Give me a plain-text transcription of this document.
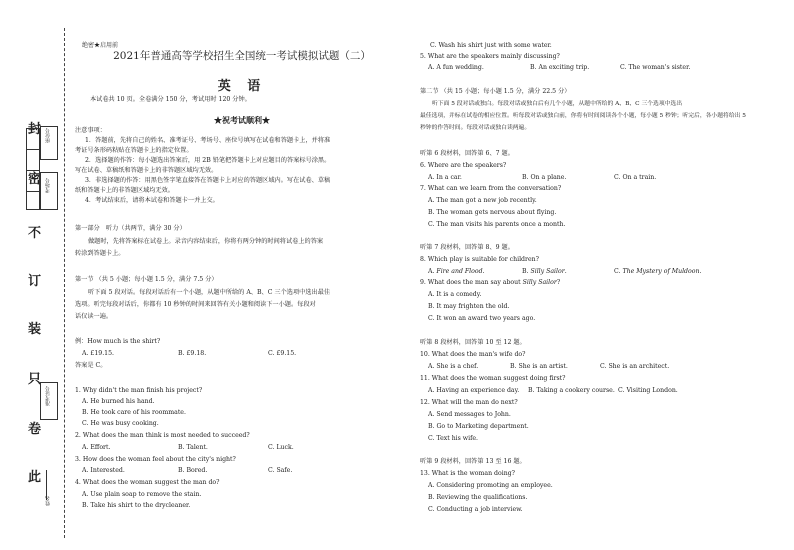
封
密
不
订
装
只
卷
此
座位号
考场号
准考证号
姓名
绝密★启用前
2021年普通高等学校招生全国统一考试模拟试题（二）
英 语
本试卷共 10 页。全卷满分 150 分，考试用时 120 分钟。
★祝考试顺利★
注意事项：
1．答题前，先将自己的姓名、准考证号、考场号、座位号填写在试卷和答题卡上，并将准
考证号条形码粘贴在答题卡上的指定位置。
2．选择题的作答：每小题选出答案后，用 2B 铅笔把答题卡上对应题目的答案标号涂黑。
写在试卷、草稿纸和答题卡上的非答题区域均无效。
3．非选择题的作答：用黑色签字笔直接答在答题卡上对应的答题区域内。写在试卷、草稿
纸和答题卡上的非答题区域均无效。
4．考试结束后，请将本试卷和答题卡一并上交。
第一部分　听力（共两节，满分 30 分）
做题时，先将答案标在试卷上。录音内容结束后，你将有两分钟的时间将试卷上的答案
转涂到答题卡上。
第一节 （共 5 小题；每小题 1.5 分，满分 7.5 分）
听下面 5 段对话。每段对话后有一个小题，从题中所给的 A、B、C 三个选项中选出最佳
选项。听完每段对话后，你都有 10 秒钟的时间来回答有关小题和阅读下一小题。每段对
话仅读一遍。
例：How much is the shirt?
A. £19.15.	B. £9.18.	C. £9.15.
答案是 C。
1. Why didn't the man finish his project?
A. He burned his hand.
B. He took care of his roommate.
C. He was busy cooking.
2. What does the man think is most needed to succeed?
A. Effort.	B. Talent.	C. Luck.
3. How does the woman feel about the city's night?
A. Interested.	B. Bored.	C. Safe.
4. What does the woman suggest the man do?
A. Use plain soap to remove the stain.
B. Take his shirt to the drycleaner.
C. Wash his shirt just with some water.
5. What are the speakers mainly discussing?
A. A fun wedding.	B. An exciting trip.	C. The woman's sister.
第二节 （共 15 小题；每小题 1.5 分，满分 22.5 分）
听下面 5 段对话或独白。每段对话或独白后有几个小题，从题中所给的 A、B、C 三个选项中选出
最佳选项，并标在试卷的相应位置。听每段对话或独白前，你将有时间阅读各个小题，每小题 5 秒钟；听完后，各小题将给出 5
秒钟的作答时间。每段对话或独白读两遍。
听第 6 段材料，回答第 6、7 题。
6. Where are the speakers?
A. In a car.	B. On a plane.	C. On a train.
7. What can we learn from the conversation?
A. The man got a new job recently.
B. The woman gets nervous about flying.
C. The man visits his parents once a month.
听第 7 段材料，回答第 8、9 题。
8. Which play is suitable for children?
A. Fire and Flood.	B. Silly Sailor.	C. The Mystery of Muldoon.
9. What does the man say about Silly Sailor?
A. It is a comedy.
B. It may frighten the old.
C. It won an award two years ago.
听第 8 段材料，回答第 10 至 12 题。
10. What does the man's wife do?
A. She is a chef.	B. She is an artist.	C. She is an architect.
11. What does the woman suggest doing first?
A. Having an experience day. B. Taking a cookery course. C. Visiting London.
12. What will the man do next?
A. Send messages to John.
B. Go to Marketing department.
C. Text his wife.
听第 9 段材料，回答第 13 至 16 题。
13. What is the woman doing?
A. Considering promoting an employee.
B. Reviewing the qualifications.
C. Conducting a job interview.
